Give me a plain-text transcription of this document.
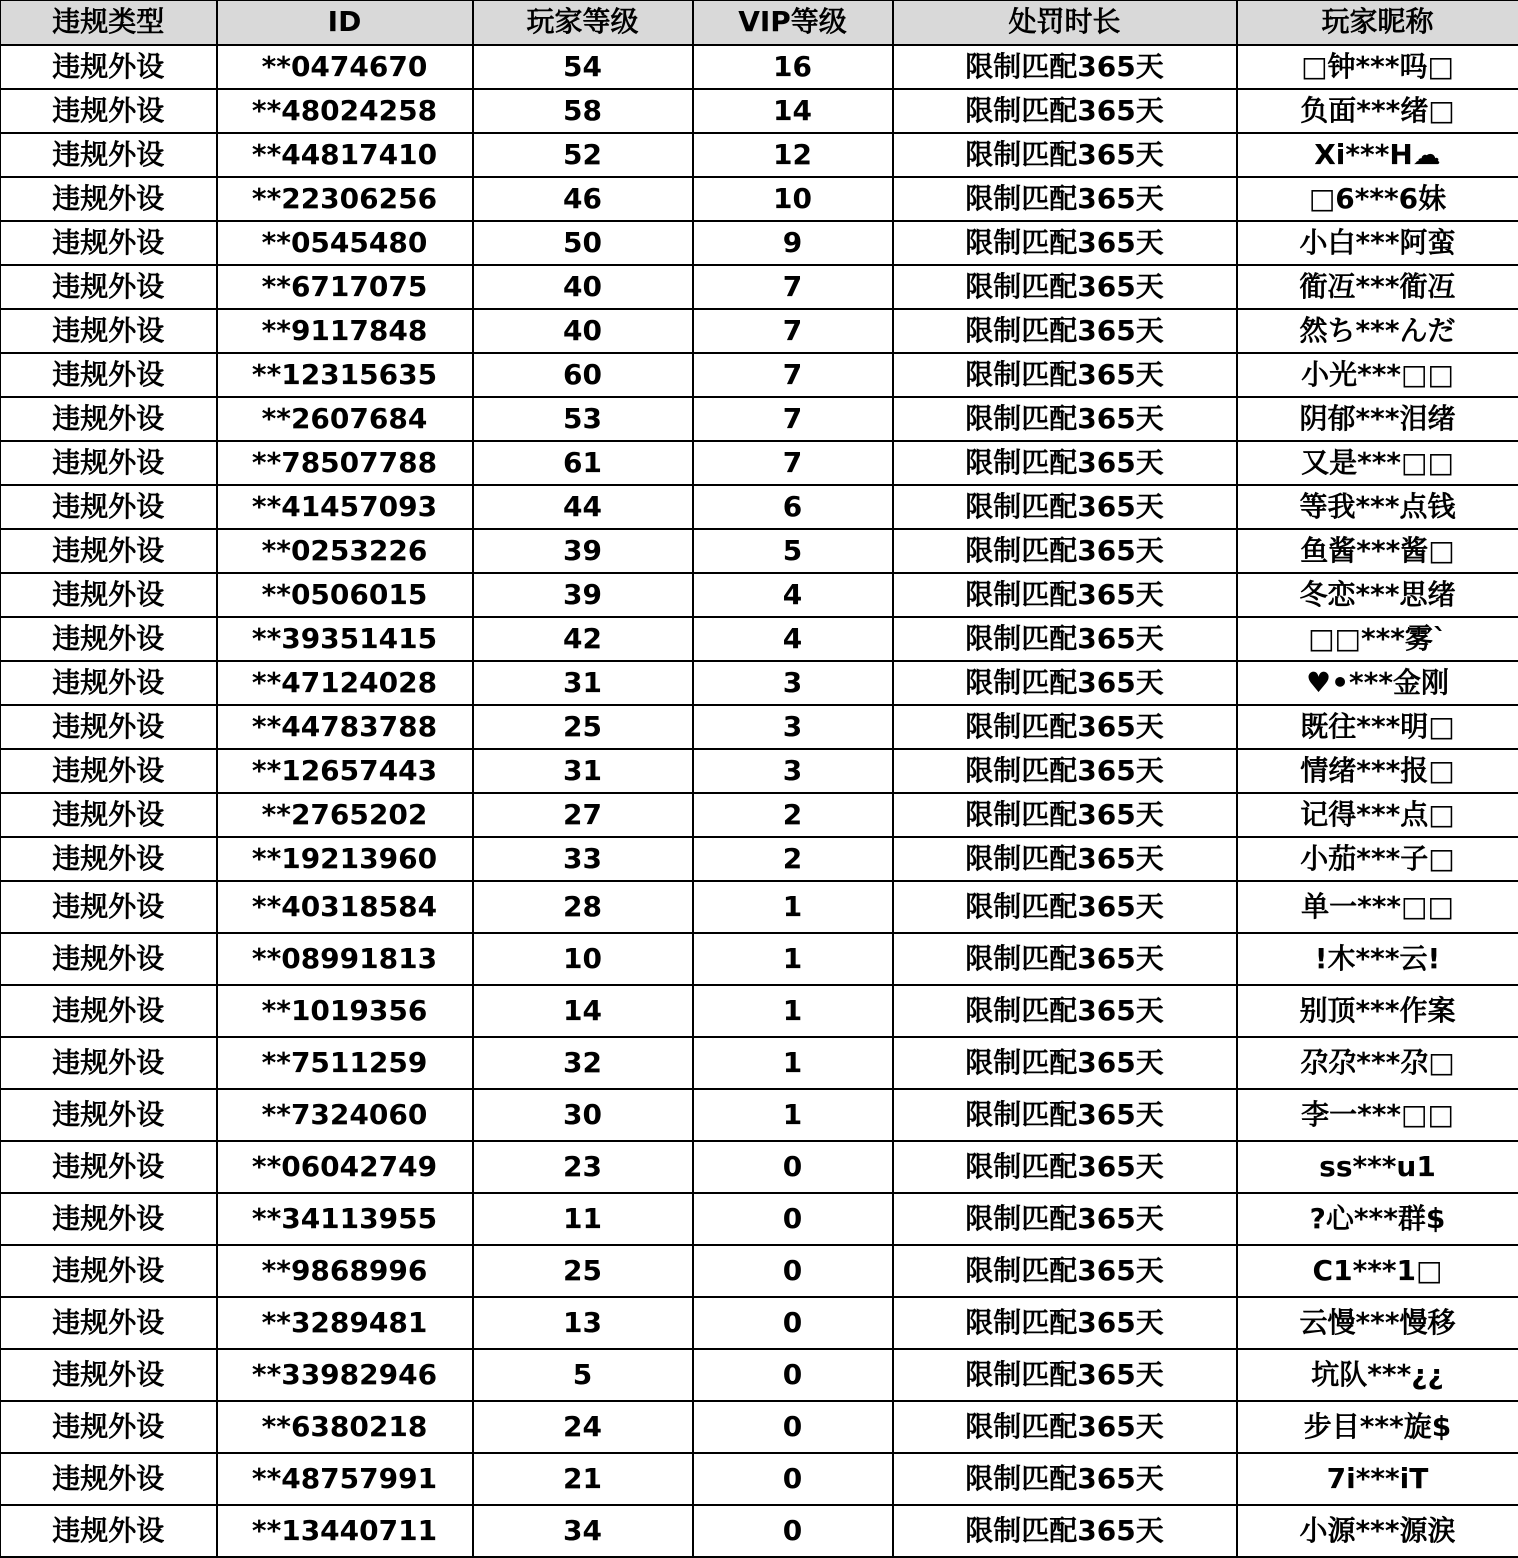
违规类型	ID	玩家等级	VIP等级	处罚时长	玩家昵称
违规外设	**0474670	54	16	限制匹配365天	□钟***吗□
违规外设	**48024258	58	14	限制匹配365天	负面***绪□
违规外设	**44817410	52	12	限制匹配365天	Xi***H☁
违规外设	**22306256	46	10	限制匹配365天	□6***6妹
违规外设	**0545480	50	9	限制匹配365天	小白***阿蛮
违规外设	**6717075	40	7	限制匹配365天	衜冱***衜冱
违规外设	**9117848	40	7	限制匹配365天	然ち***んだ
违规外设	**12315635	60	7	限制匹配365天	小光***□□
违规外设	**2607684	53	7	限制匹配365天	阴郁***泪绪
违规外设	**78507788	61	7	限制匹配365天	又是***□□
违规外设	**41457093	44	6	限制匹配365天	等我***点钱
违规外设	**0253226	39	5	限制匹配365天	鱼酱***酱□
违规外设	**0506015	39	4	限制匹配365天	冬恋***思绪
违规外设	**39351415	42	4	限制匹配365天	□□***雾`
违规外设	**47124028	31	3	限制匹配365天	♥•***金刚
违规外设	**44783788	25	3	限制匹配365天	既往***明□
违规外设	**12657443	31	3	限制匹配365天	情绪***报□
违规外设	**2765202	27	2	限制匹配365天	记得***点□
违规外设	**19213960	33	2	限制匹配365天	小茄***子□
违规外设	**40318584	28	1	限制匹配365天	单一***□□
违规外设	**08991813	10	1	限制匹配365天	!木***云!
违规外设	**1019356	14	1	限制匹配365天	别顶***作案
违规外设	**7511259	32	1	限制匹配365天	尕尕***尕□
违规外设	**7324060	30	1	限制匹配365天	李一***□□
违规外设	**06042749	23	0	限制匹配365天	ss***u1
违规外设	**34113955	11	0	限制匹配365天	?心***群$
违规外设	**9868996	25	0	限制匹配365天	C1***1□
违规外设	**3289481	13	0	限制匹配365天	云慢***慢移
违规外设	**33982946	5	0	限制匹配365天	坑队***¿¿
违规外设	**6380218	24	0	限制匹配365天	步目***旋$
违规外设	**48757991	21	0	限制匹配365天	7i***iT
违规外设	**13440711	34	0	限制匹配365天	小源***源涙
